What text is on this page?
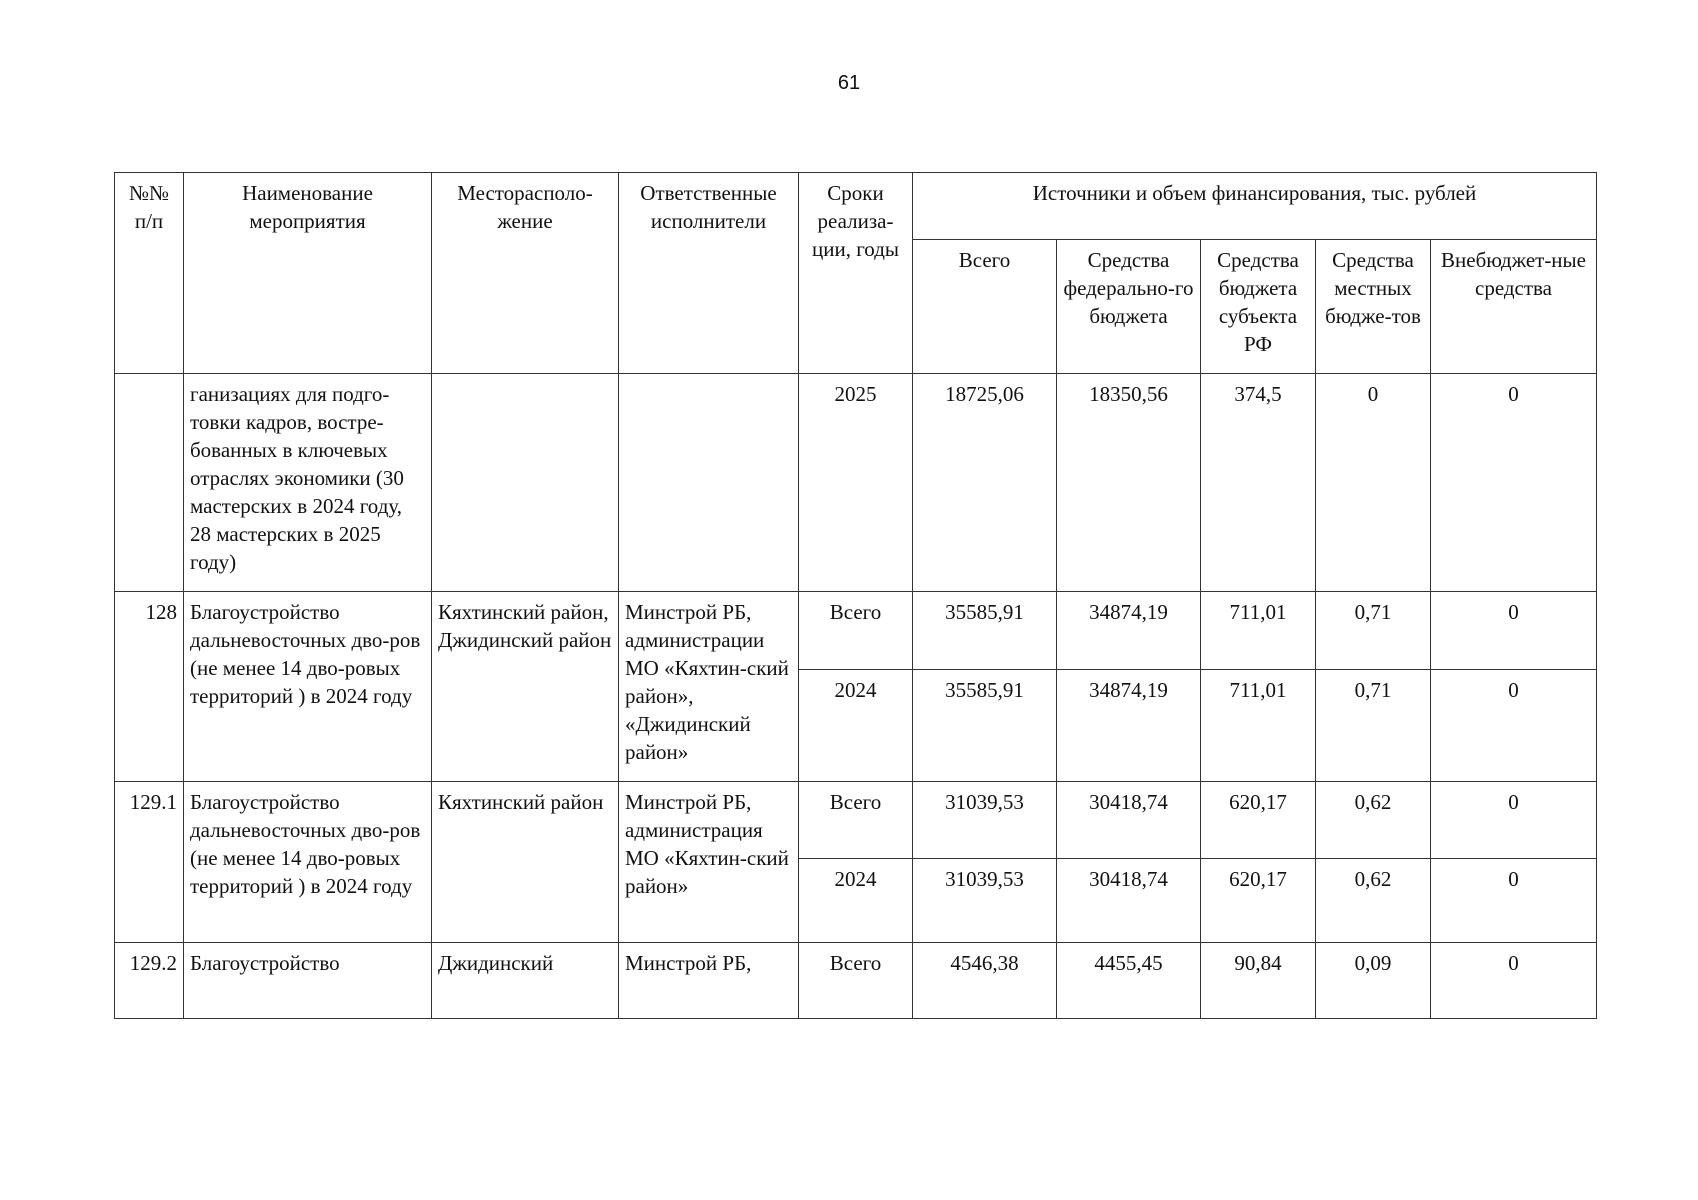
61
№№ п/п	Наименование мероприятия	Месторасполо-жение	Ответственные исполнители	Сроки реализа-ции, годы	Источники и объем финансирования, тыс. рублей				
					Всего	Средства федерально-го бюджета	Средства бюджета субъекта РФ	Средства местных бюдже-тов	Внебюджет-ные средства
	ганизациях для подго-товки кадров, востре-бованных в ключевых отраслях экономики (30 мастерских в 2024 году, 28 мастерских в 2025 году)			2025	18725,06	18350,56	374,5	0	0
128	Благоустройство дальневосточных дво-ров (не менее 14 дво-ровых территорий ) в 2024 году	Кяхтинский район, Джидинский район	Минстрой РБ, администрации МО «Кяхтин-ский район», «Джидинский район»	Всего	35585,91	34874,19	711,01	0,71	0
				2024	35585,91	34874,19	711,01	0,71	0
129.1	Благоустройство дальневосточных дво-ров (не менее 14 дво-ровых территорий ) в 2024 году	Кяхтинский район	Минстрой РБ, администрация МО «Кяхтин-ский район»	Всего	31039,53	30418,74	620,17	0,62	0
				2024	31039,53	30418,74	620,17	0,62	0
129.2	Благоустройство	Джидинский	Минстрой РБ,	Всего	4546,38	4455,45	90,84	0,09	0
